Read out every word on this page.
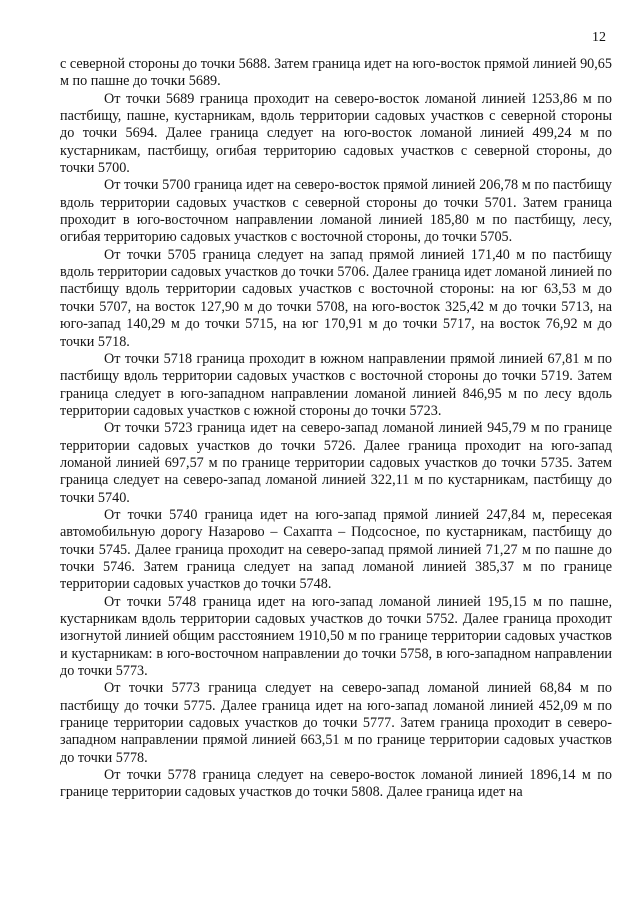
12

с северной стороны до точки 5688. Затем граница идет на юго-восток прямой линией 90,65 м по пашне до точки 5689.

От точки 5689 граница проходит на северо-восток ломаной линией 1253,86 м по пастбищу, пашне, кустарникам, вдоль территории садовых участков с северной стороны до точки 5694. Далее граница следует на юго-восток ломаной линией 499,24 м по кустарникам, пастбищу, огибая территорию садовых участков с северной стороны, до точки 5700.

От точки 5700 граница идет на северо-восток прямой линией 206,78 м по пастбищу вдоль территории садовых участков с северной стороны до точки 5701. Затем граница проходит в юго-восточном направлении ломаной линией 185,80 м по пастбищу, лесу, огибая территорию садовых участков с восточной стороны, до точки 5705.

От точки 5705 граница следует на запад прямой линией 171,40 м по пастбищу вдоль территории садовых участков до точки 5706. Далее граница идет ломаной линией по пастбищу вдоль территории садовых участков с восточной стороны: на юг 63,53 м до точки 5707, на восток 127,90 м до точки 5708, на юго-восток 325,42 м до точки 5713, на юго-запад 140,29 м до точки 5715, на юг 170,91 м до точки 5717, на восток 76,92 м до точки 5718.

От точки 5718 граница проходит в южном направлении прямой линией 67,81 м по пастбищу вдоль территории садовых участков с восточной стороны до точки 5719. Затем граница следует в юго-западном направлении ломаной линией 846,95 м по лесу вдоль территории садовых участков с южной стороны до точки 5723.

От точки 5723 граница идет на северо-запад ломаной линией 945,79 м по границе территории садовых участков до точки 5726. Далее граница проходит на юго-запад ломаной линией 697,57 м по границе территории садовых участков до точки 5735. Затем граница следует на северо-запад ломаной линией 322,11 м по кустарникам, пастбищу до точки 5740.

От точки 5740 граница идет на юго-запад прямой линией 247,84 м, пересекая автомобильную дорогу Назарово – Сахапта – Подсосное, по кустарникам, пастбищу до точки 5745. Далее граница проходит на северо-запад прямой линией 71,27 м по пашне до точки 5746. Затем граница следует на запад ломаной линией 385,37 м по границе территории садовых участков до точки 5748.

От точки 5748 граница идет на юго-запад ломаной линией 195,15 м по пашне, кустарникам вдоль территории садовых участков до точки 5752. Далее граница проходит изогнутой линией общим расстоянием 1910,50 м по границе территории садовых участков и кустарникам: в юго-восточном направлении до точки 5758, в юго-западном направлении до точки 5773.

От точки 5773 граница следует на северо-запад ломаной линией 68,84 м по пастбищу до точки 5775. Далее граница идет на юго-запад ломаной линией 452,09 м по границе территории садовых участков до точки 5777. Затем граница проходит в северо-западном направлении прямой линией 663,51 м по границе территории садовых участков до точки 5778.

От точки 5778 граница следует на северо-восток ломаной линией 1896,14 м по границе территории садовых участков до точки 5808. Далее граница идет на
